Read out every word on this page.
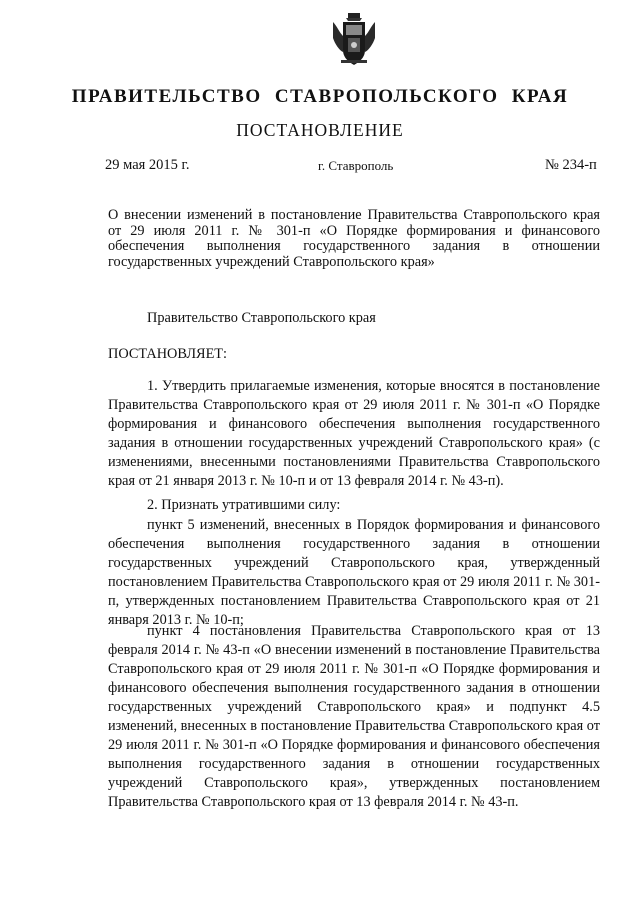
ПРАВИТЕЛЬСТВО СТАВРОПОЛЬСКОГО КРАЯ
ПОСТАНОВЛЕНИЕ
29 мая 2015 г.	г. Ставрополь	№ 234-п
О внесении изменений в постановление Правительства Ставропольского края от 29 июля 2011 г. № 301-п «О Порядке формирования и финансового обеспечения выполнения государственного задания в отношении государственных учреждений Ставропольского края»

Правительство Ставропольского края

ПОСТАНОВЛЯЕТ:

1. Утвердить прилагаемые изменения, которые вносятся в постановление Правительства Ставропольского края от 29 июля 2011 г. № 301-п «О Порядке формирования и финансового обеспечения выполнения государственного задания в отношении государственных учреждений Ставропольского края» (с изменениями, внесенными постановлениями Правительства Ставропольского края от 21 января 2013 г. № 10-п и от 13 февраля 2014 г. № 43-п).

2. Признать утратившими силу:

пункт 5 изменений, внесенных в Порядок формирования и финансового обеспечения выполнения государственного задания в отношении государственных учреждений Ставропольского края, утвержденный постановлением Правительства Ставропольского края от 29 июля 2011 г. № 301-п, утвержденных постановлением Правительства Ставропольского края от 21 января 2013 г. № 10-п;

пункт 4 постановления Правительства Ставропольского края от 13 февраля 2014 г. № 43-п «О внесении изменений в постановление Правительства Ставропольского края от 29 июля 2011 г. № 301-п «О Порядке формирования и финансового обеспечения выполнения государственного задания в отношении государственных учреждений Ставропольского края» и подпункт 4.5 изменений, внесенных в постановление Правительства Ставропольского края от 29 июля 2011 г. № 301-п «О Порядке формирования и финансового обеспечения выполнения государственного задания в отношении государственных учреждений Ставропольского края», утвержденных постановлением Правительства Ставропольского края от 13 февраля 2014 г. № 43-п.
